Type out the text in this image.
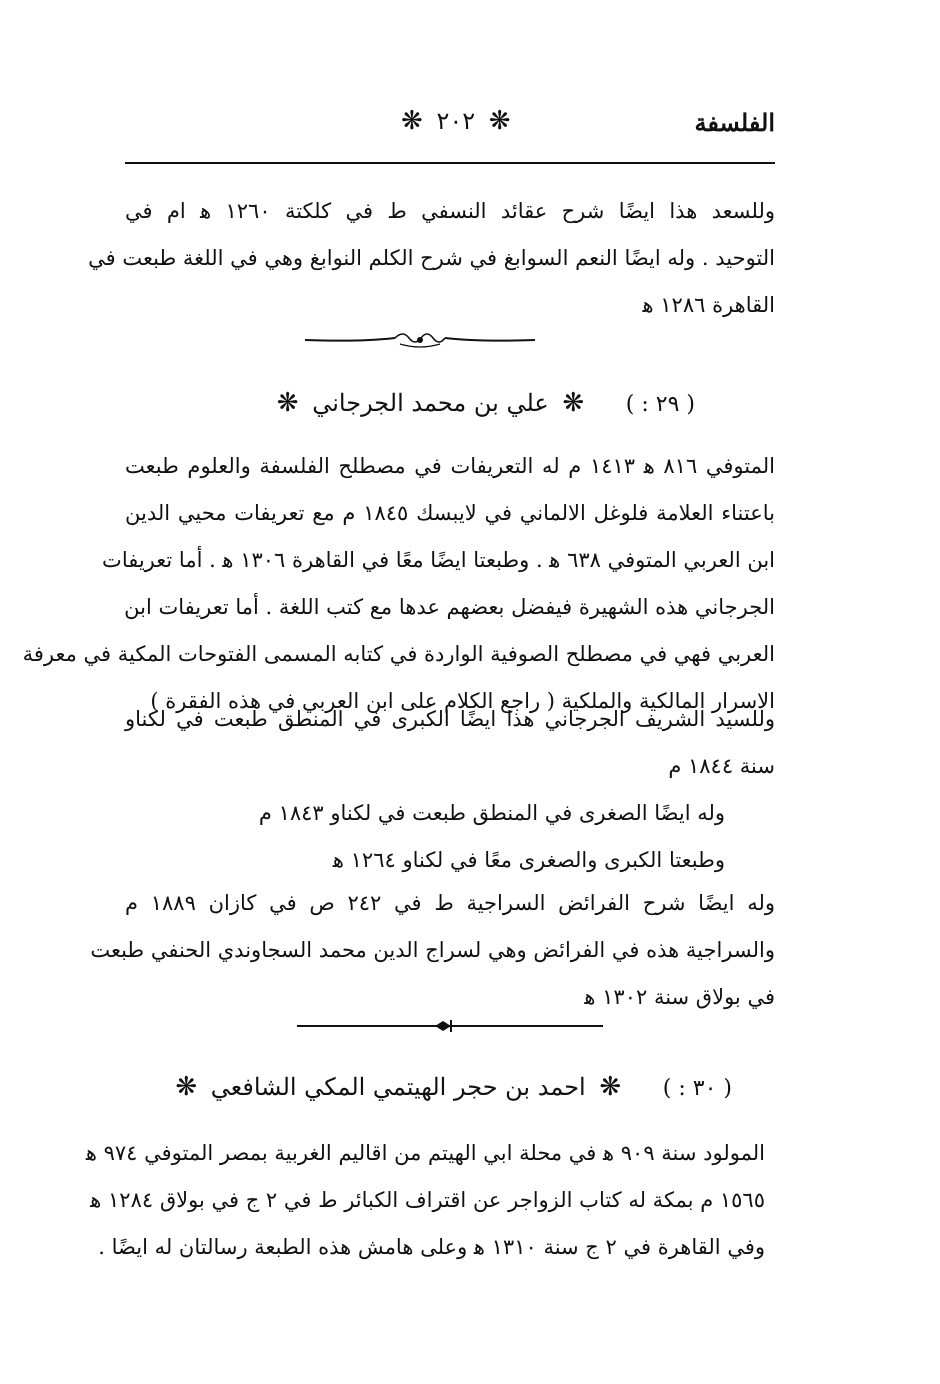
الفلسفة
❋ ٢٠٢ ❋
وللسعد هذا ايضًا شرح عقائد النسفي ط في كلكتة ١٢٦٠ ﻫ ام في
التوحيد . وله ايضًا النعم السوابغ في شرح الكلم النوابغ وهي في اللغة طبعت في
القاهرة ١٢٨٦ ﻫ
( ٢٩ : ) ❋ علي بن محمد الجرجاني ❋
المتوفي ٨١٦ ﻫ ١٤١٣ م له التعريفات في مصطلح الفلسفة والعلوم طبعت
باعتناء العلامة فلوغل الالماني في لايبسك ١٨٤٥ م مع تعريفات محيي الدين
ابن العربي المتوفي ٦٣٨ ﻫ . وطبعتا ايضًا معًا في القاهرة ١٣٠٦ ﻫ . أما تعريفات
الجرجاني هذه الشهيرة فيفضل بعضهم عدها مع كتب اللغة . أما تعريفات ابن
العربي فهي في مصطلح الصوفية الواردة في كتابه المسمى الفتوحات المكية في معرفة
الاسرار المالكية والملكية ( راجع الكلام على ابن العربي في هذه الفقرة )
وللسيد الشريف الجرجاني هذا ايضًا الكبرى في المنطق طبعت في لكناو
سنة ١٨٤٤ م
وله ايضًا الصغرى في المنطق طبعت في لكناو ١٨٤٣ م
وطبعتا الكبرى والصغرى معًا في لكناو ١٢٦٤ ﻫ
وله ايضًا شرح الفرائض السراجية ط في ٢٤٢ ص في كازان ١٨٨٩ م
والسراجية هذه في الفرائض وهي لسراج الدين محمد السجاوندي الحنفي طبعت
في بولاق سنة ١٣٠٢ ﻫ
( ٣٠ : ) ❋ احمد بن حجر الهيتمي المكي الشافعي ❋
المولود سنة ٩٠٩ ﻫ في محلة ابي الهيتم من اقاليم الغربية بمصر المتوفي ٩٧٤ ﻫ
١٥٦٥ م بمكة له كتاب الزواجر عن اقتراف الكبائر ط في ٢ ج في بولاق ١٢٨٤ ﻫ
وفي القاهرة في ٢ ج سنة ١٣١٠ ﻫ وعلى هامش هذه الطبعة رسالتان له ايضًا .
